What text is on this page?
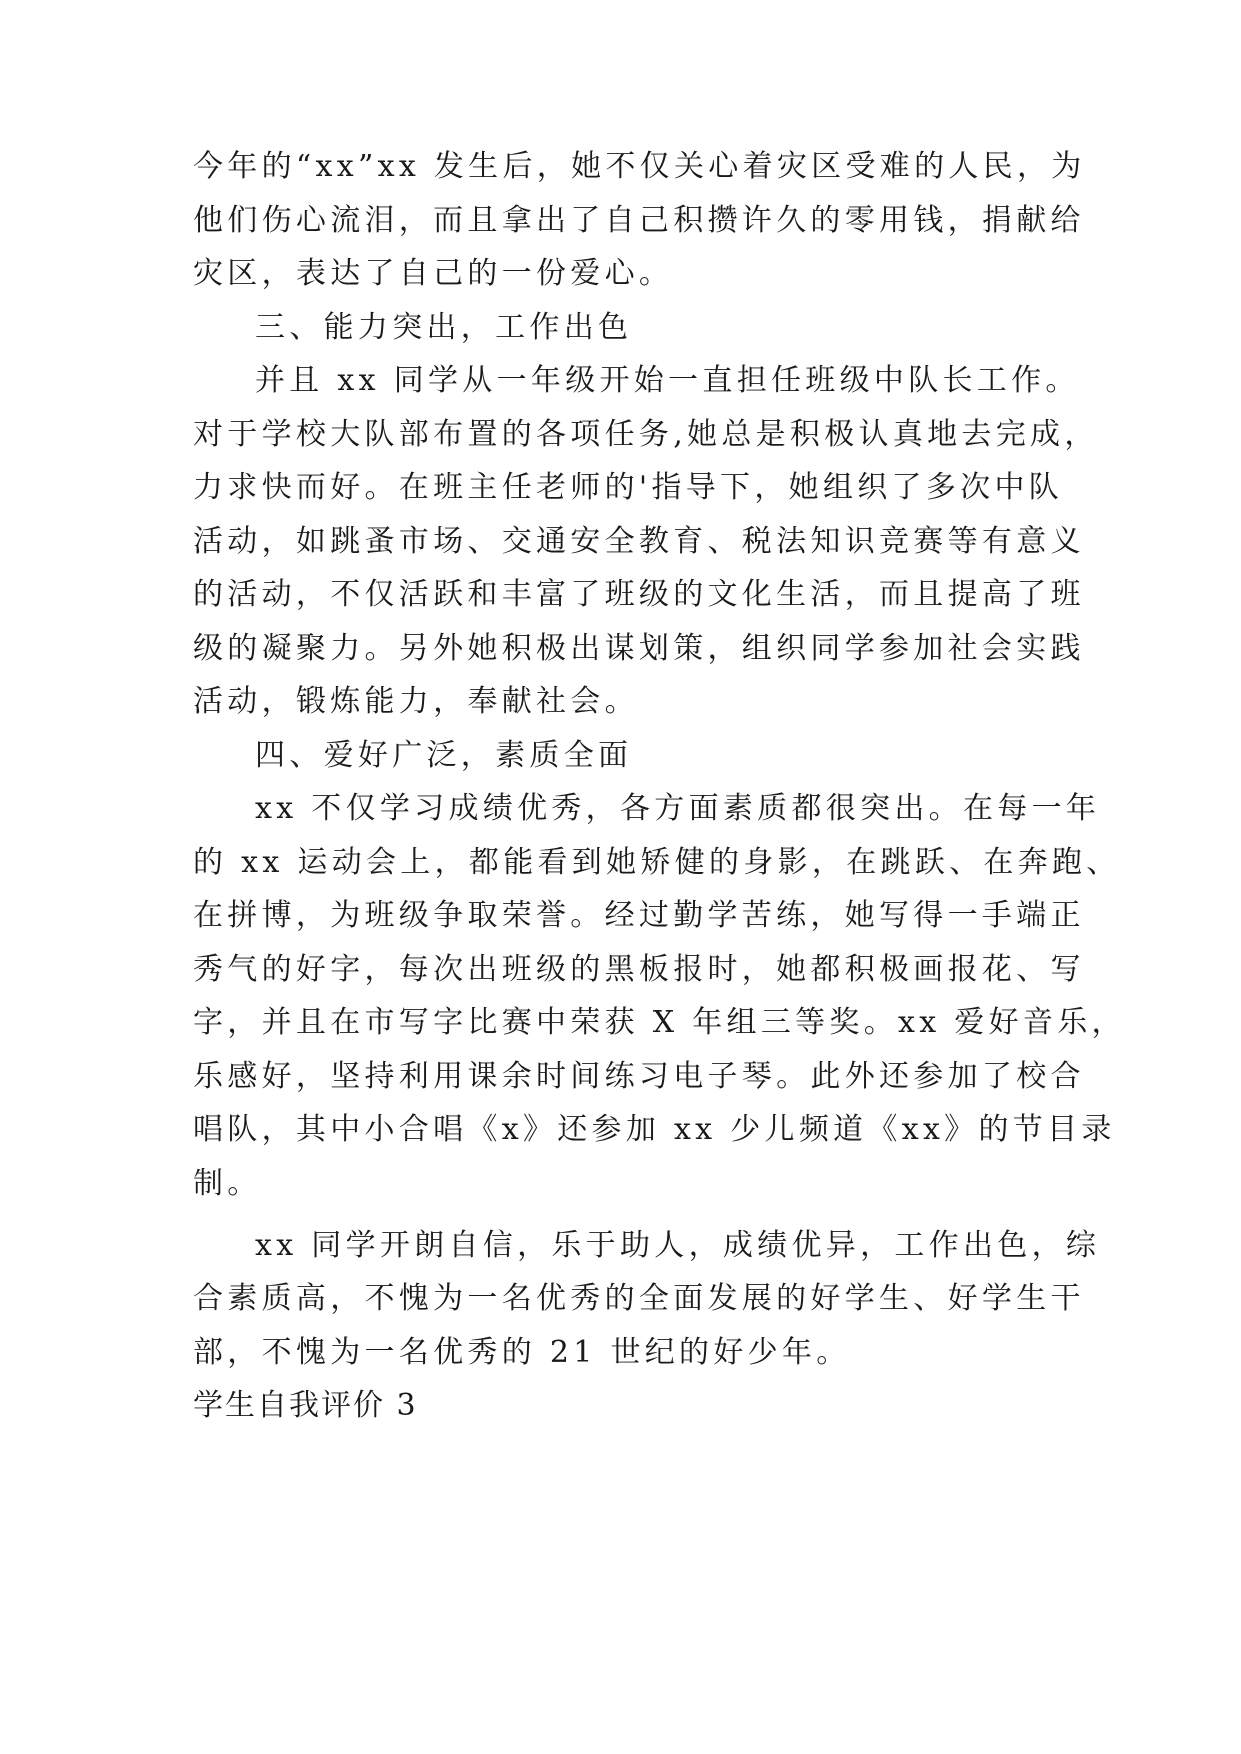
今年的“xx”xx 发生后，她不仅关心着灾区受难的人民，为

他们伤心流泪，而且拿出了自己积攒许久的零用钱，捐献给

灾区，表达了自己的一份爱心。

三、能力突出，工作出色

并且 xx 同学从一年级开始一直担任班级中队长工作。

对于学校大队部布置的各项任务,她总是积极认真地去完成，

力求快而好。在班主任老师的'指导下，她组织了多次中队

活动，如跳蚤市场、交通安全教育、税法知识竞赛等有意义

的活动，不仅活跃和丰富了班级的文化生活，而且提高了班

级的凝聚力。另外她积极出谋划策，组织同学参加社会实践

活动，锻炼能力，奉献社会。

四、爱好广泛，素质全面

xx 不仅学习成绩优秀，各方面素质都很突出。在每一年

的 xx 运动会上，都能看到她矫健的身影，在跳跃、在奔跑、

在拼博，为班级争取荣誉。经过勤学苦练，她写得一手端正

秀气的好字，每次出班级的黑板报时，她都积极画报花、写

字，并且在市写字比赛中荣获 X 年组三等奖。xx 爱好音乐，

乐感好，坚持利用课余时间练习电子琴。此外还参加了校合

唱队，其中小合唱《x》还参加 xx 少儿频道《xx》的节目录

制。

xx 同学开朗自信，乐于助人，成绩优异，工作出色，综

合素质高，不愧为一名优秀的全面发展的好学生、好学生干

部，不愧为一名优秀的 21 世纪的好少年。

学生自我评价 3
